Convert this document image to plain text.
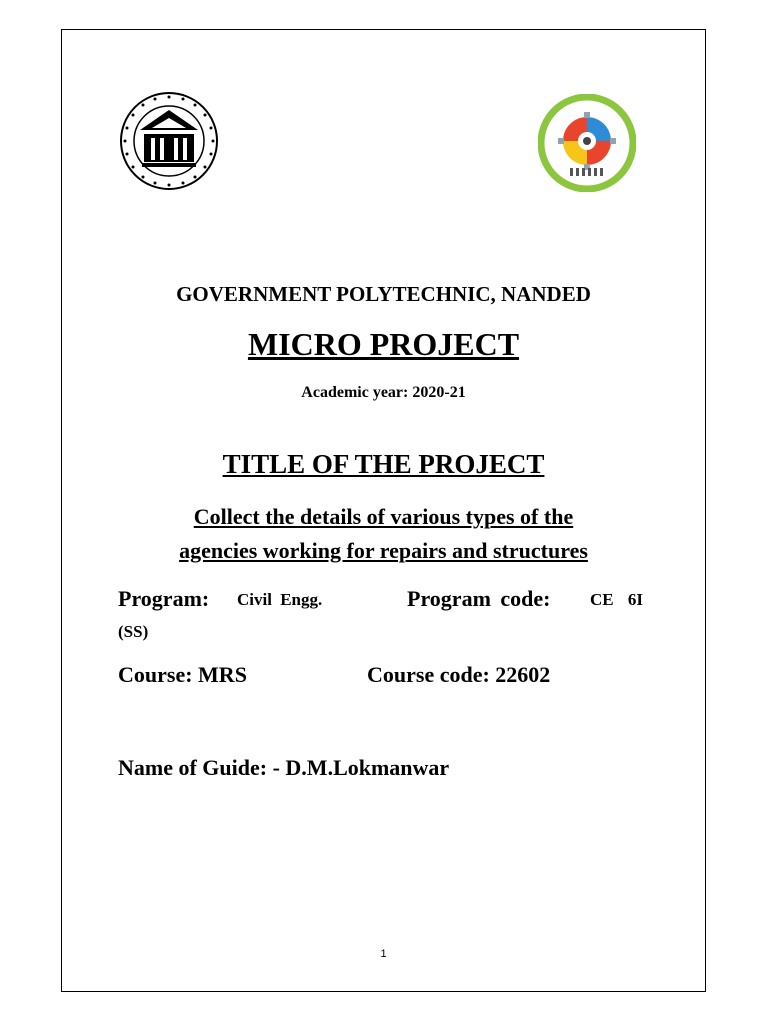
GOVERNMENT POLYTECHNIC, NANDED
MICRO PROJECT
Academic year: 2020-21
TITLE OF THE PROJECT
Collect the details of various types of the
agencies working for repairs and structures
Program: Civil Engg.	Program code: CE 6I
(SS)
Course: MRS	Course code: 22602
Name of Guide: - D.M.Lokmanwar
1
